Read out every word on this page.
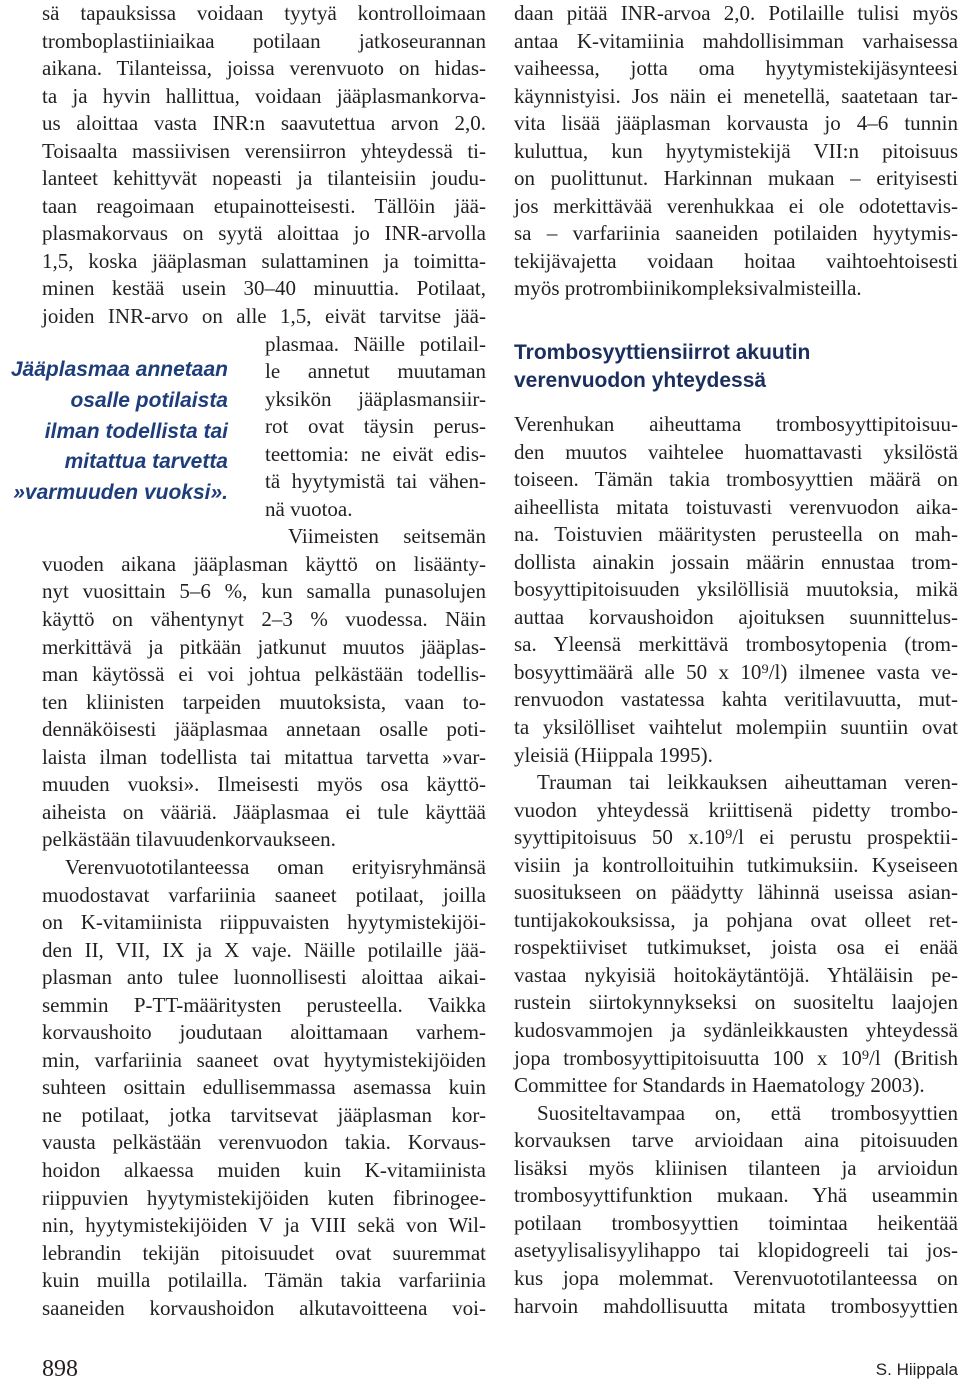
sä tapauksissa voidaan tyytyä kontrolloimaan
tromboplastiiniaikaa potilaan jatkoseurannan
aikana. Tilanteissa, joissa verenvuoto on hidas-
ta ja hyvin hallittua, voidaan jääplasmankorva-
us aloittaa vasta INR:n saavutettua arvon 2,0.
Toisaalta massiivisen verensiirron yhteydessä ti-
lanteet kehittyvät nopeasti ja tilanteisiin joudu-
taan reagoimaan etupainotteisesti. Tällöin jää-
plasmakorvaus on syytä aloittaa jo INR-arvolla
1,5, koska jääplasman sulattaminen ja toimitta-
minen kestää usein 30–40 minuuttia. Potilaat,
joiden INR-arvo on alle 1,5, eivät tarvitse jää-
plasmaa. Näille potilail-
le annetut muutaman
yksikön jääplasmansiir-
rot ovat täysin perus-
teettomia: ne eivät edis-
tä hyytymistä tai vähen-
nä vuotoa.
Viimeisten seitsemän
vuoden aikana jääplasman käyttö on lisäänty-
nyt vuosittain 5–6 %, kun samalla punasolujen
käyttö on vähentynyt 2–3 % vuodessa. Näin
merkittävä ja pitkään jatkunut muutos jääplas-
man käytössä ei voi johtua pelkästään todellis-
ten kliinisten tarpeiden muutoksista, vaan to-
dennäköisesti jääplasmaa annetaan osalle poti-
laista ilman todellista tai mitattua tarvetta »var-
muuden vuoksi». Ilmeisesti myös osa käyttö-
aiheista on vääriä. Jääplasmaa ei tule käyttää
pelkästään tilavuudenkorvaukseen.
Verenvuototilanteessa oman erityisryhmänsä
muodostavat varfariinia saaneet potilaat, joilla
on K-vitamiinista riippuvaisten hyytymistekijöi-
den II, VII, IX ja X vaje. Näille potilaille jää-
plasman anto tulee luonnollisesti aloittaa aikai-
semmin P-TT-määritysten perusteella. Vaikka
korvaushoito joudutaan aloittamaan varhem-
min, varfariinia saaneet ovat hyytymistekijöiden
suhteen osittain edullisemmassa asemassa kuin
ne potilaat, jotka tarvitsevat jääplasman kor-
vausta pelkästään verenvuodon takia. Korvaus-
hoidon alkaessa muiden kuin K-vitamiinista
riippuvien hyytymistekijöiden kuten fibrinogee-
nin, hyytymistekijöiden V ja VIII sekä von Wil-
lebrandin tekijän pitoisuudet ovat suuremmat
kuin muilla potilailla. Tämän takia varfariinia
saaneiden korvaushoidon alkutavoitteena voi-
Jääplasmaa annetaan
osalle potilaista
ilman todellista tai
mitattua tarvetta
»varmuuden vuoksi».
daan pitää INR-arvoa 2,0. Potilaille tulisi myös
antaa K-vitamiinia mahdollisimman varhaisessa
vaiheessa, jotta oma hyytymistekijäsynteesi
käynnistyisi. Jos näin ei menetellä, saatetaan tar-
vita lisää jääplasman korvausta jo 4–6 tunnin
kuluttua, kun hyytymistekijä VII:n pitoisuus
on puolittunut. Harkinnan mukaan – erityisesti
jos merkittävää verenhukkaa ei ole odotettavis-
sa – varfariinia saaneiden potilaiden hyytymis-
tekijävajetta voidaan hoitaa vaihtoehtoisesti
myös protrombiinikompleksivalmisteilla.
Trombosyyttiensiirrot akuutin
verenvuodon yhteydessä
Verenhukan aiheuttama trombosyyttipitoisuu-
den muutos vaihtelee huomattavasti yksilöstä
toiseen. Tämän takia trombosyyttien määrä on
aiheellista mitata toistuvasti verenvuodon aika-
na. Toistuvien määritysten perusteella on mah-
dollista ainakin jossain määrin ennustaa trom-
bosyyttipitoisuuden yksilöllisiä muutoksia, mikä
auttaa korvaushoidon ajoituksen suunnittelus-
sa. Yleensä merkittävä trombosytopenia (trom-
bosyyttimäärä alle 50 x 10⁹/l) ilmenee vasta ve-
renvuodon vastatessa kahta veritilavuutta, mut-
ta yksilölliset vaihtelut molempiin suuntiin ovat
yleisiä (Hiippala 1995).
Trauman tai leikkauksen aiheuttaman veren-
vuodon yhteydessä kriittisenä pidetty trombo-
syyttipitoisuus 50 x.10⁹/l ei perustu prospektii-
visiin ja kontrolloituihin tutkimuksiin. Kyseiseen
suositukseen on päädytty lähinnä useissa asian-
tuntijakokouksissa, ja pohjana ovat olleet ret-
rospektiiviset tutkimukset, joista osa ei enää
vastaa nykyisiä hoitokäytäntöjä. Yhtäläisin pe-
rustein siirtokynnykseksi on suositeltu laajojen
kudosvammojen ja sydänleikkausten yhteydessä
jopa trombosyyttipitoisuutta 100 x 10⁹/l (British
Committee for Standards in Haematology 2003).
Suositeltavampaa on, että trombosyyttien
korvauksen tarve arvioidaan aina pitoisuuden
lisäksi myös kliinisen tilanteen ja arvioidun
trombosyyttifunktion mukaan. Yhä useammin
potilaan trombosyyttien toimintaa heikentää
asetyylisalisyylihappo tai klopidogreeli tai jos-
kus jopa molemmat. Verenvuototilanteessa on
harvoin mahdollisuutta mitata trombosyyttien
898	S. Hiippala
